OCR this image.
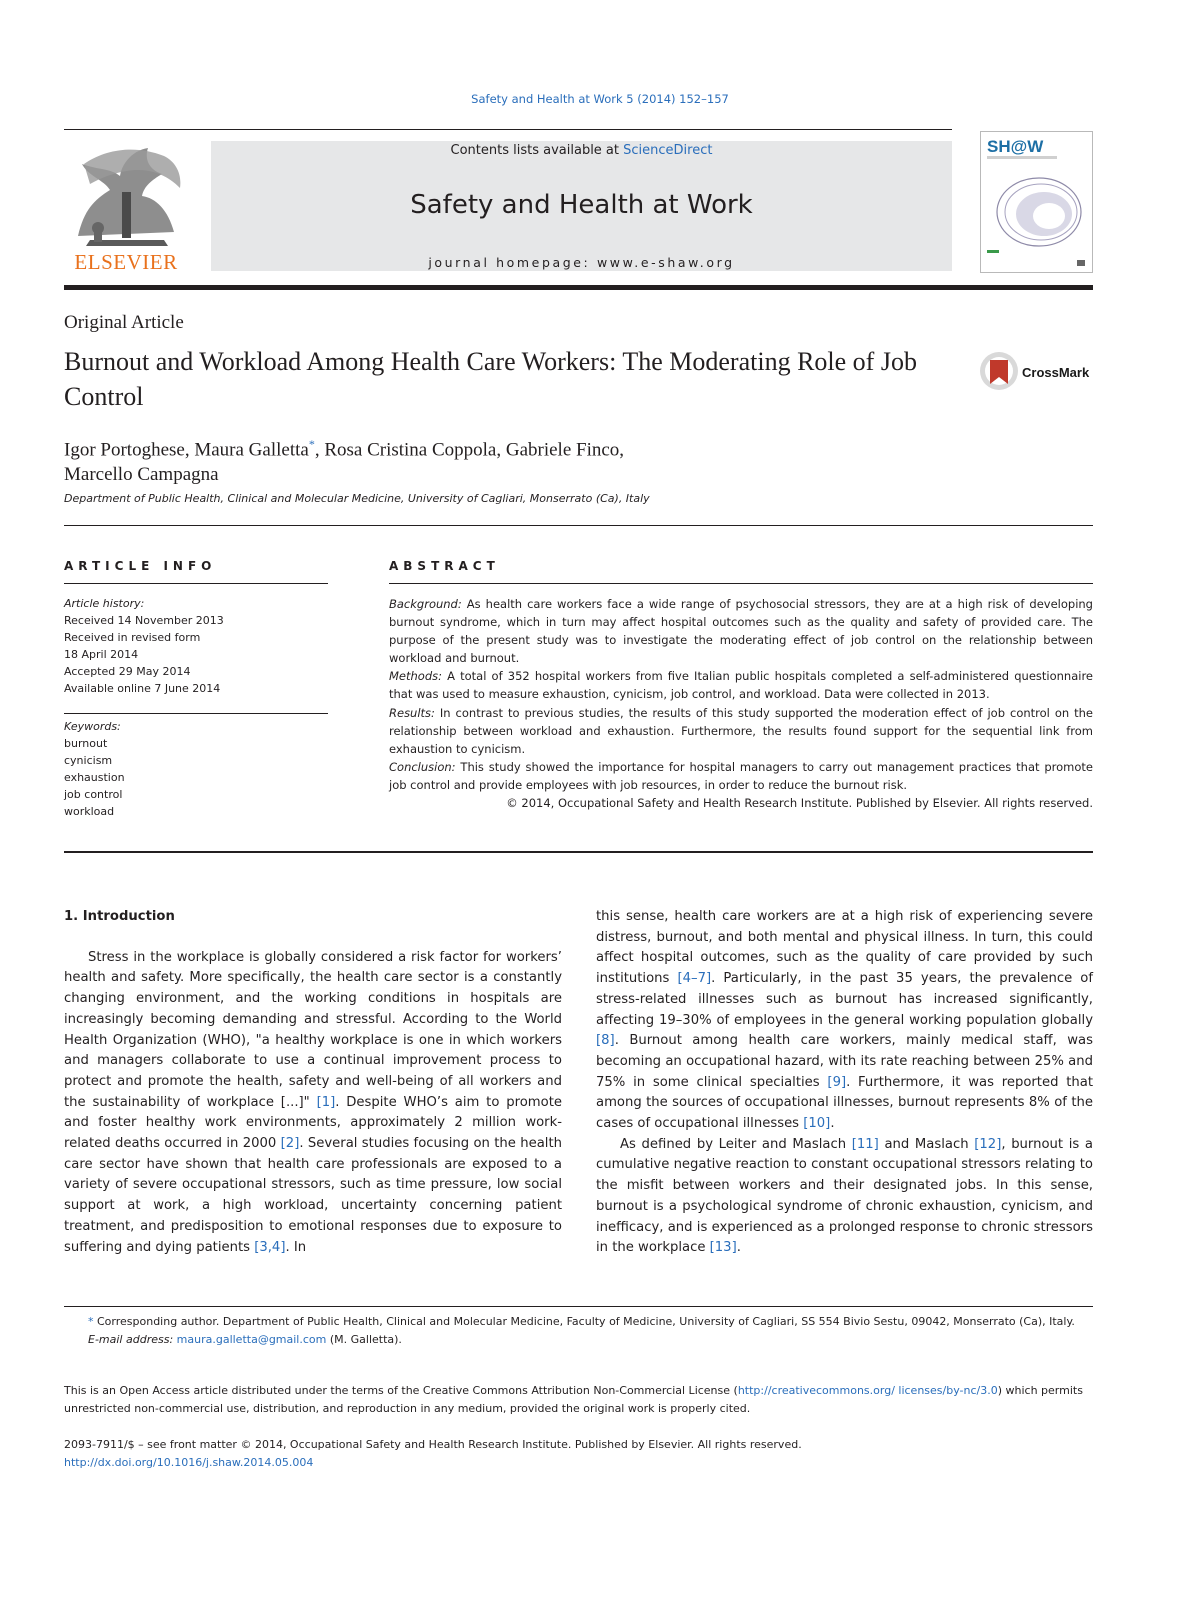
Safety and Health at Work 5 (2014) 152–157
ELSEVIER
Contents lists available at ScienceDirect
Safety and Health at Work
journal homepage: www.e-shaw.org
SH@W
Original Article
Burnout and Workload Among Health Care Workers: The Moderating Role of Job Control
CrossMark
Igor Portoghese, Maura Galletta*, Rosa Cristina Coppola, Gabriele Finco,
Marcello Campagna
Department of Public Health, Clinical and Molecular Medicine, University of Cagliari, Monserrato (Ca), Italy
ARTICLE INFO	ABSTRACT
Article history:
Received 14 November 2013
Received in revised form
18 April 2014
Accepted 29 May 2014
Available online 7 June 2014
Keywords:
burnout
cynicism
exhaustion
job control
workload

Background: As health care workers face a wide range of psychosocial stressors, they are at a high risk of developing burnout syndrome, which in turn may affect hospital outcomes such as the quality and safety of provided care. The purpose of the present study was to investigate the moderating effect of job control on the relationship between workload and burnout.

Methods: A total of 352 hospital workers from five Italian public hospitals completed a self-administered questionnaire that was used to measure exhaustion, cynicism, job control, and workload. Data were collected in 2013.

Results: In contrast to previous studies, the results of this study supported the moderation effect of job control on the relationship between workload and exhaustion. Furthermore, the results found support for the sequential link from exhaustion to cynicism.

Conclusion: This study showed the importance for hospital managers to carry out management practices that promote job control and provide employees with job resources, in order to reduce the burnout risk.

© 2014, Occupational Safety and Health Research Institute. Published by Elsevier. All rights reserved.

1. Introduction

Stress in the workplace is globally considered a risk factor for workers’ health and safety. More specifically, the health care sector is a constantly changing environment, and the working conditions in hospitals are increasingly becoming demanding and stressful. According to the World Health Organization (WHO), "a healthy workplace is one in which workers and managers collaborate to use a continual improvement process to protect and promote the health, safety and well-being of all workers and the sustainability of workplace [...]" [1]. Despite WHO’s aim to promote and foster healthy work environments, approximately 2 million work-related deaths occurred in 2000 [2]. Several studies focusing on the health care sector have shown that health care professionals are exposed to a variety of severe occupational stressors, such as time pressure, low social support at work, a high workload, uncertainty concerning patient treatment, and predisposition to emotional responses due to exposure to suffering and dying patients [3,4]. In

this sense, health care workers are at a high risk of experiencing severe distress, burnout, and both mental and physical illness. In turn, this could affect hospital outcomes, such as the quality of care provided by such institutions [4–7]. Particularly, in the past 35 years, the prevalence of stress-related illnesses such as burnout has increased significantly, affecting 19–30% of employees in the general working population globally [8]. Burnout among health care workers, mainly medical staff, was becoming an occupational hazard, with its rate reaching between 25% and 75% in some clinical specialties [9]. Furthermore, it was reported that among the sources of occupational illnesses, burnout represents 8% of the cases of occupational illnesses [10].

As defined by Leiter and Maslach [11] and Maslach [12], burnout is a cumulative negative reaction to constant occupational stressors relating to the misfit between workers and their designated jobs. In this sense, burnout is a psychological syndrome of chronic exhaustion, cynicism, and inefficacy, and is experienced as a prolonged response to chronic stressors in the workplace [13].

* Corresponding author. Department of Public Health, Clinical and Molecular Medicine, Faculty of Medicine, University of Cagliari, SS 554 Bivio Sestu, 09042, Monserrato (Ca), Italy.

E-mail address: maura.galletta@gmail.com (M. Galletta).

This is an Open Access article distributed under the terms of the Creative Commons Attribution Non-Commercial License (http://creativecommons.org/ licenses/by-nc/3.0) which permits unrestricted non-commercial use, distribution, and reproduction in any medium, provided the original work is properly cited.

2093-7911/$ – see front matter © 2014, Occupational Safety and Health Research Institute. Published by Elsevier. All rights reserved.

http://dx.doi.org/10.1016/j.shaw.2014.05.004
